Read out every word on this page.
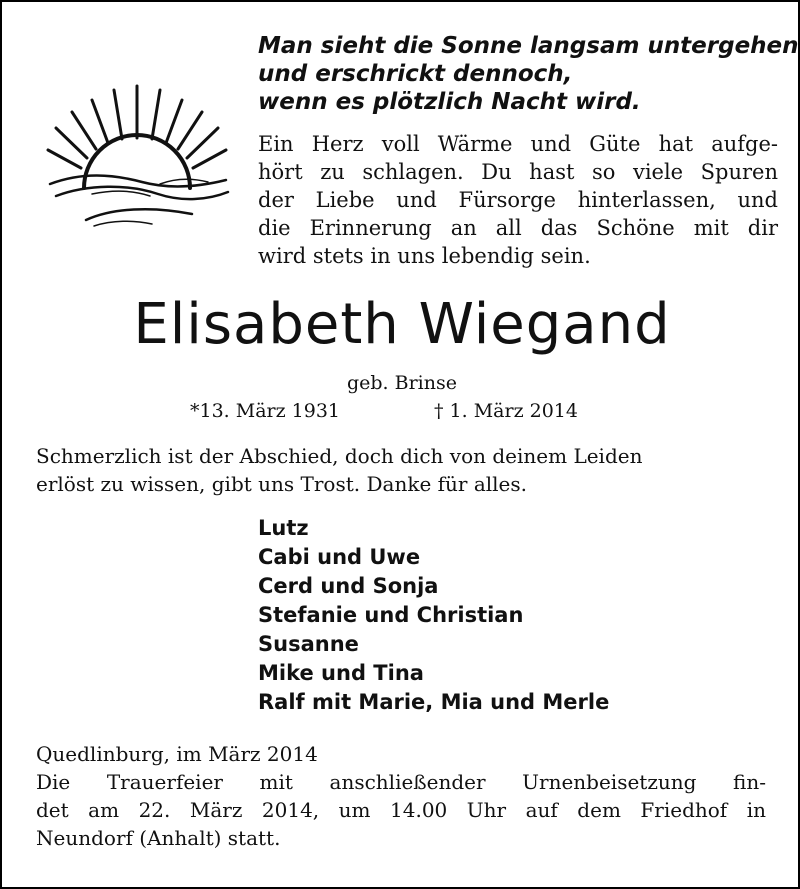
Man sieht die Sonne langsam untergehen
und erschrickt dennoch,
wenn es plötzlich Nacht wird.
Ein Herz voll Wärme und Güte hat aufge-
hört zu schlagen. Du hast so viele Spuren
der Liebe und Fürsorge hinterlassen, und
die Erinnerung an all das Schöne mit dir
wird stets in uns lebendig sein.
Elisabeth Wiegand
geb. Brinse
*13. März 1931	† 1. März 2014
Schmerzlich ist der Abschied, doch dich von deinem Leiden
erlöst zu wissen, gibt uns Trost. Danke für alles.
Lutz
Cabi und Uwe
Cerd und Sonja
Stefanie und Christian
Susanne
Mike und Tina
Ralf mit Marie, Mia und Merle
Quedlinburg, im März 2014
Die Trauerfeier mit anschließender Urnenbeisetzung fin-
det am 22. März 2014, um 14.00 Uhr auf dem Friedhof in
Neundorf (Anhalt) statt.
